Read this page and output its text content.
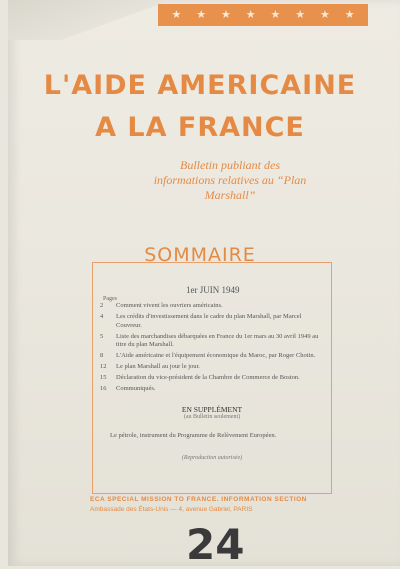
★ ★ ★ ★ ★ ★ ★ ★
L'AIDE AMERICAINE
A LA FRANCE
Bulletin publiant des informations relatives au “Plan Marshall”
SOMMAIRE
1er JUIN 1949
Pages
2	Comment vivent les ouvriers américains.
4	Les crédits d'investissement dans le cadre du plan Marshall, par Marcel Couvreur.
5	Liste des marchandises débarquées en France du 1er mars au 30 avril 1949 au titre du plan Marshall.
8	L'Aide américaine et l'équipement économique du Maroc, par Roger Chotin.
12	Le plan Marshall au jour le jour.
15	Déclaration du vice-président de la Chambre de Commerce de Boston.
16	Communiqués.
EN SUPPLÉMENT
(au Bulletin seulement)
Le pétrole, instrument du Programme de Relèvement Européen.
(Reproduction autorisée)
ECA SPECIAL MISSION TO FRANCE. INFORMATION SECTION
Ambassade des États-Unis — 4, avenue Gabriel, PARIS
24
